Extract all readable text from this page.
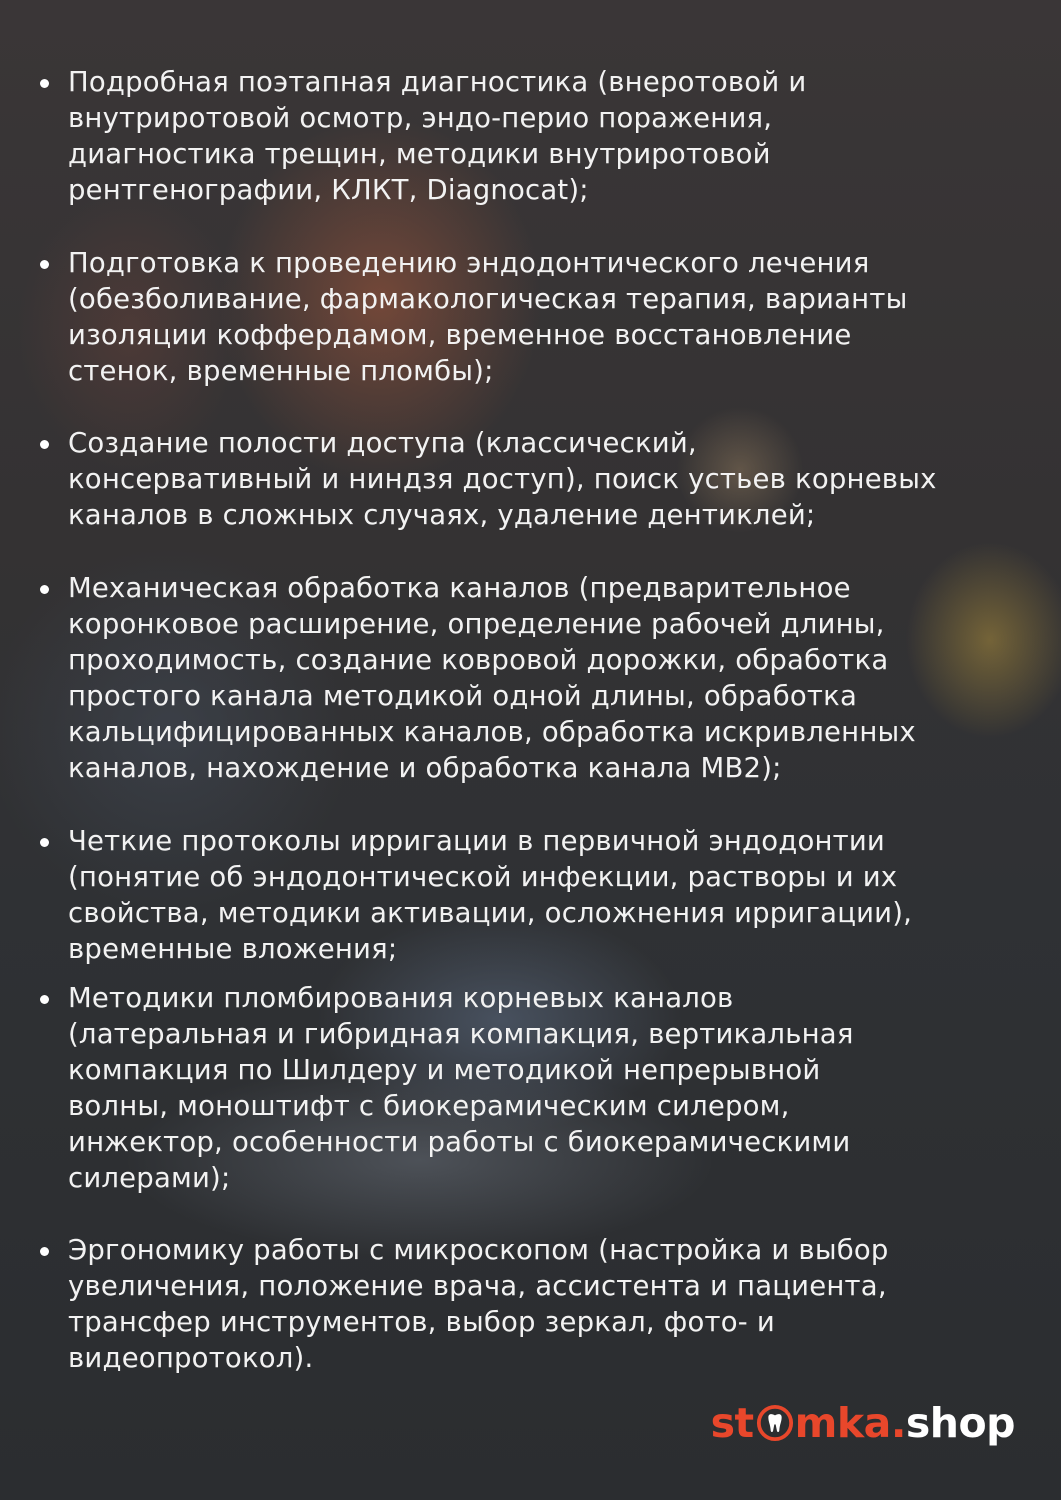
Подробная поэтапная диагностика (внеротовой и
внутриротовой осмотр, эндо-перио поражения,
диагностика трещин, методики внутриротовой
рентгенографии, КЛКТ, Diagnocat);
Подготовка к проведению эндодонтического лечения
(обезболивание, фармакологическая терапия, варианты
изоляции коффердамом, временное восстановление
стенок, временные пломбы);
Создание полости доступа (классический,
консервативный и ниндзя доступ), поиск устьев корневых
каналов в сложных случаях, удаление дентиклей;
Механическая обработка каналов (предварительное
коронковое расширение, определение рабочей длины,
проходимость, создание ковровой дорожки, обработка
простого канала методикой одной длины, обработка
кальцифицированных каналов, обработка искривленных
каналов, нахождение и обработка канала MB2);
Четкие протоколы ирригации в первичной эндодонтии
(понятие об эндодонтической инфекции, растворы и их
свойства, методики активации, осложнения ирригации),
временные вложения;
Методики пломбирования корневых каналов
(латеральная и гибридная компакция, вертикальная
компакция по Шилдеру и методикой непрерывной
волны, моноштифт с биокерамическим силером,
инжектор, особенности работы с биокерамическими
силерами);
Эргономику работы с микроскопом (настройка и выбор
увеличения, положение врача, ассистента и пациента,
трансфер инструментов, выбор зеркал, фото- и
видеопротокол).
st mka . shop
